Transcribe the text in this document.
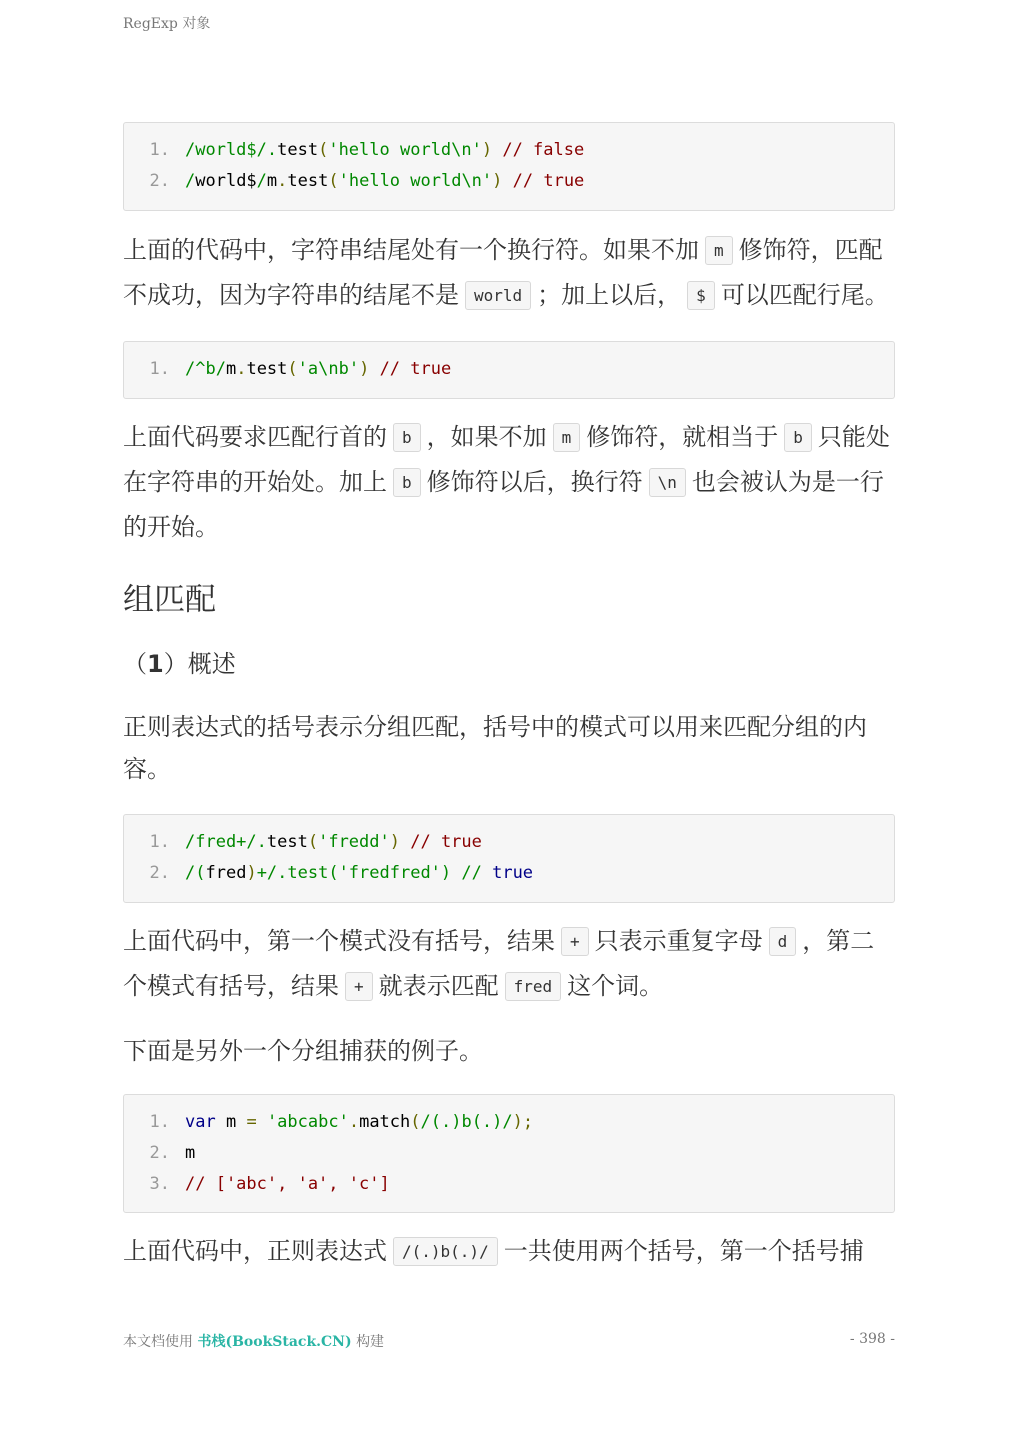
RegExp 对象
1. /world$/.test('hello world\n') // false
2. /world$/m.test('hello world\n') // true

上面的代码中，字符串结尾处有一个换行符。如果不加 m 修饰符，匹配不成功，因为字符串的结尾不是 world ；加上以后， $ 可以匹配行尾。

1. /^b/m.test('a\nb') // true

上面代码要求匹配行首的 b ，如果不加 m 修饰符，就相当于 b 只能处在字符串的开始处。加上 b 修饰符以后，换行符 \n 也会被认为是一行的开始。

组匹配
（1）概述

正则表达式的括号表示分组匹配，括号中的模式可以用来匹配分组的内容。

1. /fred+/.test('fredd') // true
2. /(fred)+/.test('fredfred') // true

上面代码中，第一个模式没有括号，结果 + 只表示重复字母 d ，第二个模式有括号，结果 + 就表示匹配 fred 这个词。

下面是另外一个分组捕获的例子。

1. var m = 'abcabc'.match(/(.)b(.)/);
2. m
3. // ['abc', 'a', 'c']

上面代码中，正则表达式 /(.)b(.)/ 一共使用两个括号，第一个括号捕

本文档使用 书栈(BookStack.CN) 构建	- 398 -
